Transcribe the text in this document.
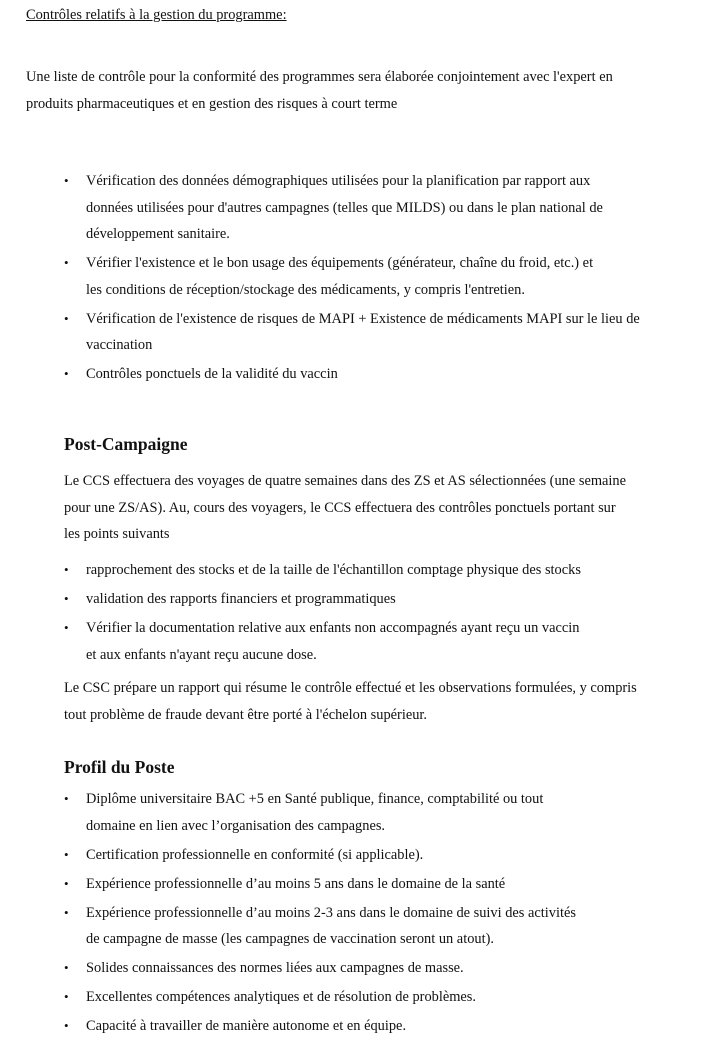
Contrôles relatifs à la gestion du programme:

Une liste de contrôle pour la conformité des programmes sera élaborée conjointement avec l'expert en
produits pharmaceutiques et en gestion des risques à court terme

• Vérification des données démographiques utilisées pour la planification par rapport aux
données utilisées pour d'autres campagnes (telles que MILDS) ou dans le plan national de
développement sanitaire.
• Vérifier l'existence et le bon usage des équipements (générateur, chaîne du froid, etc.) et
les conditions de réception/stockage des médicaments, y compris l'entretien.
• Vérification de l'existence de risques de MAPI + Existence de médicaments MAPI sur le lieu de
vaccination
• Contrôles ponctuels de la validité du vaccin
Post-Campaigne

Le CCS effectuera des voyages de quatre semaines dans des ZS et AS sélectionnées (une semaine
pour une ZS/AS). Au, cours des voyagers, le CCS effectuera des contrôles ponctuels portant sur
les points suivants

• rapprochement des stocks et de la taille de l'échantillon comptage physique des stocks
• validation des rapports financiers et programmatiques
• Vérifier la documentation relative aux enfants non accompagnés ayant reçu un vaccin
et aux enfants n'ayant reçu aucune dose.

Le CSC prépare un rapport qui résume le contrôle effectué et les observations formulées, y compris
tout problème de fraude devant être porté à l'échelon supérieur.

Profil du Poste
• Diplôme universitaire BAC +5 en Santé publique, finance, comptabilité ou tout
domaine en lien avec l’organisation des campagnes.
• Certification professionnelle en conformité (si applicable).
• Expérience professionnelle d’au moins 5 ans dans le domaine de la santé
• Expérience professionnelle d’au moins 2-3 ans dans le domaine de suivi des activités
de campagne de masse (les campagnes de vaccination seront un atout).
• Solides connaissances des normes liées aux campagnes de masse.
• Excellentes compétences analytiques et de résolution de problèmes.
• Capacité à travailler de manière autonome et en équipe.
